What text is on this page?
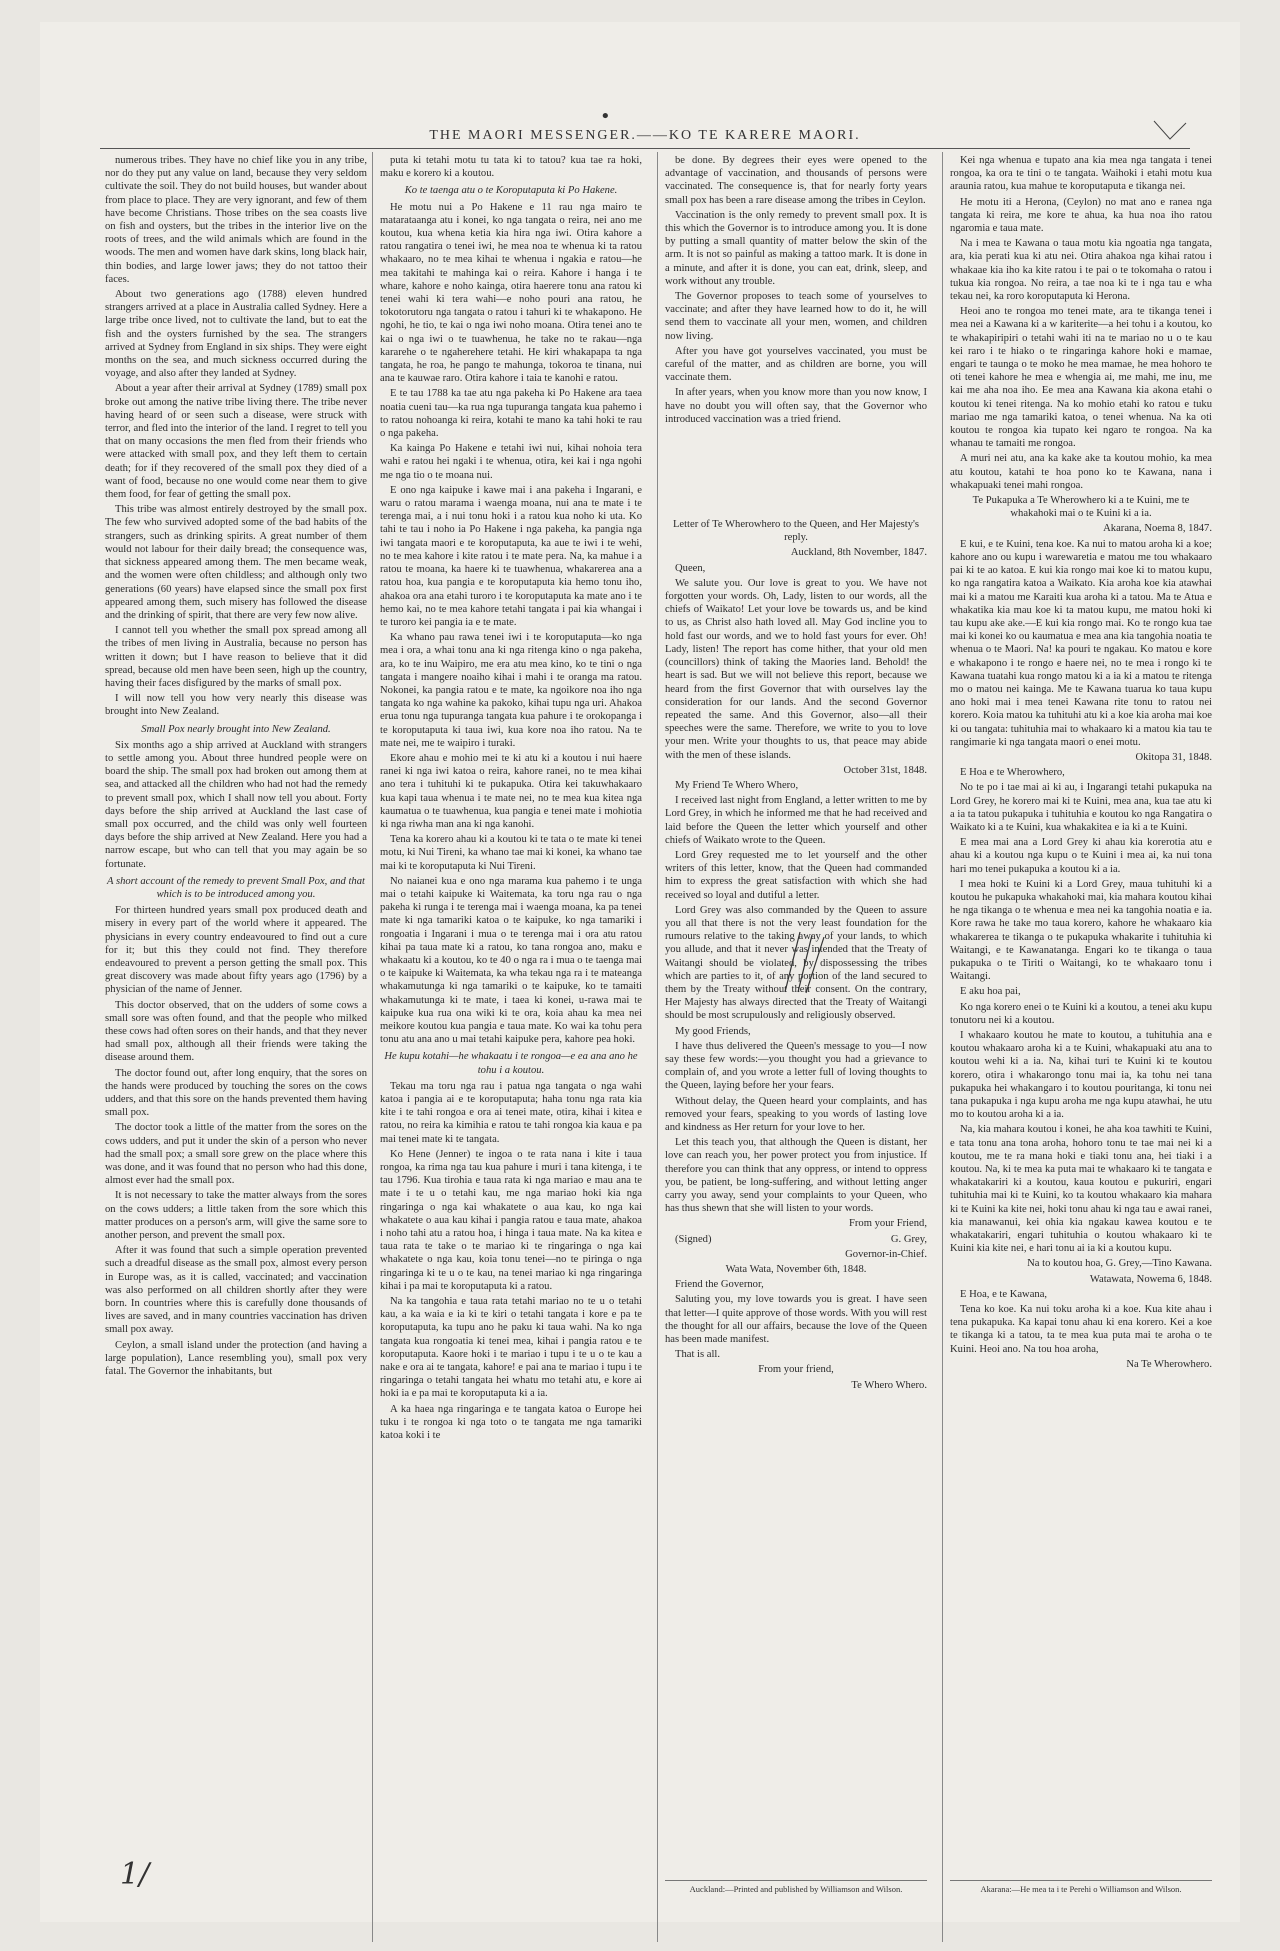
THE MAORI MESSENGER.——KO TE KARERE MAORI.

numerous tribes. They have no chief like you in any tribe, nor do they put any value on land, because they very seldom cultivate the soil. They do not build houses, but wander about from place to place. They are very ignorant, and few of them have become Christians. Those tribes on the sea coasts live on fish and oysters, but the tribes in the interior live on the roots of trees, and the wild animals which are found in the woods. The men and women have dark skins, long black hair, thin bodies, and large lower jaws; they do not tattoo their faces.

About two generations ago (1788) eleven hundred strangers arrived at a place in Australia called Sydney. Here a large tribe once lived, not to cultivate the land, but to eat the fish and the oysters furnished by the sea. The strangers arrived at Sydney from England in six ships. They were eight months on the sea, and much sickness occurred during the voyage, and also after they landed at Sydney.

About a year after their arrival at Sydney (1789) small pox broke out among the native tribe living there. The tribe never having heard of or seen such a disease, were struck with terror, and fled into the interior of the land. I regret to tell you that on many occasions the men fled from their friends who were attacked with small pox, and they left them to certain death; for if they recovered of the small pox they died of a want of food, because no one would come near them to give them food, for fear of getting the small pox.

This tribe was almost entirely destroyed by the small pox. The few who survived adopted some of the bad habits of the strangers, such as drinking spirits. A great number of them would not labour for their daily bread; the consequence was, that sickness appeared among them. The men became weak, and the women were often childless; and although only two generations (60 years) have elapsed since the small pox first appeared among them, such misery has followed the disease and the drinking of spirit, that there are very few now alive.

I cannot tell you whether the small pox spread among all the tribes of men living in Australia, because no person has written it down; but I have reason to believe that it did spread, because old men have been seen, high up the country, having their faces disfigured by the marks of small pox.

I will now tell you how very nearly this disease was brought into New Zealand.

Small Pox nearly brought into New Zealand.

Six months ago a ship arrived at Auckland with strangers to settle among you. About three hundred people were on board the ship. The small pox had broken out among them at sea, and attacked all the children who had not had the remedy to prevent small pox, which I shall now tell you about. Forty days before the ship arrived at Auckland the last case of small pox occurred, and the child was only well fourteen days before the ship arrived at New Zealand. Here you had a narrow escape, but who can tell that you may again be so fortunate.

A short account of the remedy to prevent Small Pox, and that which is to be introduced among you.

For thirteen hundred years small pox produced death and misery in every part of the world where it appeared. The physicians in every country endeavoured to find out a cure for it; but this they could not find. They therefore endeavoured to prevent a person getting the small pox. This great discovery was made about fifty years ago (1796) by a physician of the name of Jenner.

This doctor observed, that on the udders of some cows a small sore was often found, and that the people who milked these cows had often sores on their hands, and that they never had small pox, although all their friends were taking the disease around them.

The doctor found out, after long enquiry, that the sores on the hands were produced by touching the sores on the cows udders, and that this sore on the hands prevented them having small pox.

The doctor took a little of the matter from the sores on the cows udders, and put it under the skin of a person who never had the small pox; a small sore grew on the place where this was done, and it was found that no person who had this done, almost ever had the small pox.

It is not necessary to take the matter always from the sores on the cows udders; a little taken from the sore which this matter produces on a person's arm, will give the same sore to another person, and prevent the small pox.

After it was found that such a simple operation prevented such a dreadful disease as the small pox, almost every person in Europe was, as it is called, vaccinated; and vaccination was also performed on all children shortly after they were born. In countries where this is carefully done thousands of lives are saved, and in many countries vaccination has driven small pox away.

Ceylon, a small island under the protection (and having a large population), Lance resembling you), small pox very fatal. The Governor the inhabitants, but

puta ki tetahi motu tu tata ki to tatou? kua tae ra hoki, maku e korero ki a koutou.

Ko te taenga atu o te Koroputaputa ki Po Hakene.

He motu nui a Po Hakene e 11 rau nga mairo te matarataanga atu i konei, ko nga tangata o reira, nei ano me koutou, kua whena ketia kia hira nga iwi. Otira kahore a ratou rangatira o tenei iwi, he mea noa te whenua ki ta ratou whakaaro, no te mea kihai te whenua i ngakia e ratou—he mea takitahi te mahinga kai o reira. Kahore i hanga i te whare, kahore e noho kainga, otira haerere tonu ana ratou ki tenei wahi ki tera wahi—e noho pouri ana ratou, he tokotorutoru nga tangata o ratou i tahuri ki te whakapono. He ngohi, he tio, te kai o nga iwi noho moana. Otira tenei ano te kai o nga iwi o te tuawhenua, he take no te rakau—nga kararehe o te ngaherehere tetahi. He kiri whakapapa ta nga tangata, he roa, he pango te mahunga, tokoroa te tinana, nui ana te kauwae raro. Otira kahore i taia te kanohi e ratou.

E te tau 1788 ka tae atu nga pakeha ki Po Hakene ara taea noatia cueni tau—ka rua nga tupuranga tangata kua pahemo i to ratou nohoanga ki reira, kotahi te mano ka tahi hoki te rau o nga pakeha.

Ka kainga Po Hakene e tetahi iwi nui, kihai nohoia tera wahi e ratou hei ngaki i te whenua, otira, kei kai i nga ngohi me nga tio o te moana nui.

E ono nga kaipuke i kawe mai i ana pakeha i Ingarani, e waru o ratou marama i waenga moana, nui ana te mate i te terenga mai, a i nui tonu hoki i a ratou kua noho ki uta. Ko tahi te tau i noho ia Po Hakene i nga pakeha, ka pangia nga iwi tangata maori e te koroputaputa, ka aue te iwi i te wehi, no te mea kahore i kite ratou i te mate pera. Na, ka mahue i a ratou te moana, ka haere ki te tuawhenua, whakarerea ana a ratou hoa, kua pangia e te koroputaputa kia hemo tonu iho, ahakoa ora ana etahi turoro i te koroputaputa ka mate ano i te hemo kai, no te mea kahore tetahi tangata i pai kia whangai i te turoro kei pangia ia e te mate.

Ka whano pau rawa tenei iwi i te koroputaputa—ko nga mea i ora, a whai tonu ana ki nga ritenga kino o nga pakeha, ara, ko te inu Waipiro, me era atu mea kino, ko te tini o nga tangata i mangere noaiho kihai i mahi i te oranga ma ratou. Nokonei, ka pangia ratou e te mate, ka ngoikore noa iho nga tangata ko nga wahine ka pakoko, kihai tupu nga uri. Ahakoa erua tonu nga tupuranga tangata kua pahure i te orokopanga i te koroputaputa ki taua iwi, kua kore noa iho ratou. Na te mate nei, me te waipiro i turaki.

Ekore ahau e mohio mei te ki atu ki a koutou i nui haere ranei ki nga iwi katoa o reira, kahore ranei, no te mea kihai ano tera i tuhituhi ki te pukapuka. Otira kei takuwhakaaro kua kapi taua whenua i te mate nei, no te mea kua kitea nga kaumatua o te tuawhenua, kua pangia e tenei mate i mohiotia ki nga riwha man ana ki nga kanohi.

Tena ka korero ahau ki a koutou ki te tata o te mate ki tenei motu, ki Nui Tireni, ka whano tae mai ki konei, ka whano tae mai ki te koroputaputa ki Nui Tireni.

No naianei kua e ono nga marama kua pahemo i te unga mai o tetahi kaipuke ki Waitemata, ka toru nga rau o nga pakeha ki runga i te terenga mai i waenga moana, ka pa tenei mate ki nga tamariki katoa o te kaipuke, ko nga tamariki i rongoatia i Ingarani i mua o te terenga mai i ora atu ratou kihai pa taua mate ki a ratou, ko tana rongoa ano, maku e whakaatu ki a koutou, ko te 40 o nga ra i mua o te taenga mai o te kaipuke ki Waitemata, ka wha tekau nga ra i te mateanga whakamutunga ki nga tamariki o te kaipuke, ko te tamaiti whakamutunga ki te mate, i taea ki konei, u-rawa mai te kaipuke kua rua ona wiki ki te ora, koia ahau ka mea nei meikore koutou kua pangia e taua mate. Ko wai ka tohu pera tonu atu ana ano u mai tetahi kaipuke pera, kahore pea hoki.

He kupu kotahi—he whakaatu i te rongoa—e ea ana ano he tohu i a koutou.

Tekau ma toru nga rau i patua nga tangata o nga wahi katoa i pangia ai e te koroputaputa; haha tonu nga rata kia kite i te tahi rongoa e ora ai tenei mate, otira, kihai i kitea e ratou, no reira ka kimihia e ratou te tahi rongoa kia kaua e pa mai tenei mate ki te tangata.

Ko Hene (Jenner) te ingoa o te rata nana i kite i taua rongoa, ka rima nga tau kua pahure i muri i tana kitenga, i te tau 1796. Kua tirohia e taua rata ki nga mariao e mau ana te mate i te u o tetahi kau, me nga mariao hoki kia nga ringaringa o nga kai whakatete o aua kau, ko nga kai whakatete o aua kau kihai i pangia ratou e taua mate, ahakoa i noho tahi atu a ratou hoa, i hinga i taua mate. Na ka kitea e taua rata te take o te mariao ki te ringaringa o nga kai whakatete o nga kau, koia tonu tenei—no te piringa o nga ringaringa ki te u o te kau, na tenei mariao ki nga ringaringa kihai i pa mai te koroputaputa ki a ratou.

Na ka tangohia e taua rata tetahi mariao no te u o tetahi kau, a ka waia e ia ki te kiri o tetahi tangata i kore e pa te koroputaputa, ka tupu ano he paku ki taua wahi. Na ko nga tangata kua rongoatia ki tenei mea, kihai i pangia ratou e te koroputaputa. Kaore hoki i te mariao i tupu i te u o te kau a nake e ora ai te tangata, kahore! e pai ana te mariao i tupu i te ringaringa o tetahi tangata hei whatu mo tetahi atu, e kore ai hoki ia e pa mai te koroputaputa ki a ia.

A ka haea nga ringaringa e te tangata katoa o Europe hei tuku i te rongoa ki nga toto o te tangata me nga tamariki katoa koki i te

be done. By degrees their eyes were opened to the advantage of vaccination, and thousands of persons were vaccinated. The consequence is, that for nearly forty years small pox has been a rare disease among the tribes in Ceylon.

Vaccination is the only remedy to prevent small pox. It is this which the Governor is to introduce among you. It is done by putting a small quantity of matter below the skin of the arm. It is not so painful as making a tattoo mark. It is done in a minute, and after it is done, you can eat, drink, sleep, and work without any trouble.

The Governor proposes to teach some of yourselves to vaccinate; and after they have learned how to do it, he will send them to vaccinate all your men, women, and children now living.

After you have got yourselves vaccinated, you must be careful of the matter, and as children are borne, you will vaccinate them.

In after years, when you know more than you now know, I have no doubt you will often say, that the Governor who introduced vaccination was a tried friend.

Letter of Te Wherowhero to the Queen, and Her Majesty's reply.

Auckland, 8th November, 1847.

Queen,

We salute you. Our love is great to you. We have not forgotten your words. Oh, Lady, listen to our words, all the chiefs of Waikato! Let your love be towards us, and be kind to us, as Christ also hath loved all. May God incline you to hold fast our words, and we to hold fast yours for ever. Oh! Lady, listen! The report has come hither, that your old men (councillors) think of taking the Maories land. Behold! the heart is sad. But we will not believe this report, because we heard from the first Governor that with ourselves lay the consideration for our lands. And the second Governor repeated the same. And this Governor, also—all their speeches were the same. Therefore, we write to you to love your men. Write your thoughts to us, that peace may abide with the men of these islands.

October 31st, 1848.

My Friend Te Whero Whero,

I received last night from England, a letter written to me by Lord Grey, in which he informed me that he had received and laid before the Queen the letter which yourself and other chiefs of Waikato wrote to the Queen.

Lord Grey requested me to let yourself and the other writers of this letter, know, that the Queen had commanded him to express the great satisfaction with which she had received so loyal and dutiful a letter.

Lord Grey was also commanded by the Queen to assure you all that there is not the very least foundation for the rumours relative to the taking away of your lands, to which you allude, and that it never was intended that the Treaty of Waitangi should be violated, by dispossessing the tribes which are parties to it, of any portion of the land secured to them by the Treaty without their consent. On the contrary, Her Majesty has always directed that the Treaty of Waitangi should be most scrupulously and religiously observed.

My good Friends,

I have thus delivered the Queen's message to you—I now say these few words:—you thought you had a grievance to complain of, and you wrote a letter full of loving thoughts to the Queen, laying before her your fears.

Without delay, the Queen heard your complaints, and has removed your fears, speaking to you words of lasting love and kindness as Her return for your love to her.

Let this teach you, that although the Queen is distant, her love can reach you, her power protect you from injustice. If therefore you can think that any oppress, or intend to oppress you, be patient, be long-suffering, and without letting anger carry you away, send your complaints to your Queen, who has thus shewn that she will listen to your words.

From your Friend,

(Signed)	G. Grey,

Governor-in-Chief.

Wata Wata, November 6th, 1848.

Friend the Governor,

Saluting you, my love towards you is great. I have seen that letter—I quite approve of those words. With you will rest the thought for all our affairs, because the love of the Queen has been made manifest.

That is all.

From your friend,

Te Whero Whero.

Kei nga whenua e tupato ana kia mea nga tangata i tenei rongoa, ka ora te tini o te tangata. Waihoki i etahi motu kua araunia ratou, kua mahue te koroputaputa e tikanga nei.

He motu iti a Herona, (Ceylon) no mat ano e ranea nga tangata ki reira, me kore te ahua, ka hua noa iho ratou ngaromia e taua mate.

Na i mea te Kawana o taua motu kia ngoatia nga tangata, ara, kia perati kua ki atu nei. Otira ahakoa nga kihai ratou i whakaae kia iho ka kite ratou i te pai o te tokomaha o ratou i tukua kia rongoa. No reira, a tae noa ki te i nga tau e wha tekau nei, ka roro koroputaputa ki Herona.

Heoi ano te rongoa mo tenei mate, ara te tikanga tenei i mea nei a Kawana ki a w kariterite—a hei tohu i a koutou, ko te whakapiripiri o tetahi wahi iti na te mariao no u o te kau kei raro i te hiako o te ringaringa kahore hoki e mamae, engari te taunga o te moko he mea mamae, he mea hohoro te oti tenei kahore he mea e whengia ai, me mahi, me inu, me kai me aha noa iho. Ee mea ana Kawana kia akona etahi o koutou ki tenei ritenga. Na ko mohio etahi ko ratou e tuku mariao me nga tamariki katoa, o tenei whenua. Na ka oti koutou te rongoa kia tupato kei ngaro te rongoa. Na ka whanau te tamaiti me rongoa.

A muri nei atu, ana ka kake ake ta koutou mohio, ka mea atu koutou, katahi te hoa pono ko te Kawana, nana i whakapuaki tenei mahi rongoa.

Te Pukapuka a Te Wherowhero ki a te Kuini, me te whakahoki mai o te Kuini ki a ia.

Akarana, Noema 8, 1847.

E kui, e te Kuini, tena koe. Ka nui to matou aroha ki a koe; kahore ano ou kupu i warewaretia e matou me tou whakaaro pai ki te ao katoa. E kui kia rongo mai koe ki to matou kupu, ko nga rangatira katoa a Waikato. Kia aroha koe kia atawhai mai ki a matou me Karaiti kua aroha ki a tatou. Ma te Atua e whakatika kia mau koe ki ta matou kupu, me matou hoki ki tau kupu ake ake.—E kui kia rongo mai. Ko te rongo kua tae mai ki konei ko ou kaumatua e mea ana kia tangohia noatia te whenua o te Maori. Na! ka pouri te ngakau. Ko matou e kore e whakapono i te rongo e haere nei, no te mea i rongo ki te Kawana tuatahi kua rongo matou ki a ia ki a matou te ritenga mo o matou nei kainga. Me te Kawana tuarua ko taua kupu ano hoki mai i mea tenei Kawana rite tonu to ratou nei korero. Koia matou ka tuhituhi atu ki a koe kia aroha mai koe ki ou tangata: tuhituhia mai to whakaaro ki a matou kia tau te rangimarie ki nga tangata maori o enei motu.

Okitopa 31, 1848.

E Hoa e te Wherowhero,

No te po i tae mai ai ki au, i Ingarangi tetahi pukapuka na Lord Grey, he korero mai ki te Kuini, mea ana, kua tae atu ki a ia ta tatou pukapuka i tuhituhia e koutou ko nga Rangatira o Waikato ki a te Kuini, kua whakakitea e ia ki a te Kuini.

E mea mai ana a Lord Grey ki ahau kia korerotia atu e ahau ki a koutou nga kupu o te Kuini i mea ai, ka nui tona hari mo tenei pukapuka a koutou ki a ia.

I mea hoki te Kuini ki a Lord Grey, maua tuhituhi ki a koutou he pukapuka whakahoki mai, kia mahara koutou kihai he nga tikanga o te whenua e mea nei ka tangohia noatia e ia. Kore rawa he take mo taua korero, kahore he whakaaro kia whakarerea te tikanga o te pukapuka whakarite i tuhituhia ki Waitangi, e te Kawanatanga. Engari ko te tikanga o taua pukapuka o te Tiriti o Waitangi, ko te whakaaro tonu i Waitangi.

E aku hoa pai,

Ko nga korero enei o te Kuini ki a koutou, a tenei aku kupu tonutoru nei ki a koutou.

I whakaaro koutou he mate to koutou, a tuhituhia ana e koutou whakaaro aroha ki a te Kuini, whakapuaki atu ana to koutou wehi ki a ia. Na, kihai turi te Kuini ki te koutou korero, otira i whakarongo tonu mai ia, ka tohu nei tana pukapuka hei whakangaro i to koutou pouritanga, ki tonu nei tana pukapuka i nga kupu aroha me nga kupu atawhai, he utu mo to koutou aroha ki a ia.

Na, kia mahara koutou i konei, he aha koa tawhiti te Kuini, e tata tonu ana tona aroha, hohoro tonu te tae mai nei ki a koutou, me te ra mana hoki e tiaki tonu ana, hei tiaki i a koutou. Na, ki te mea ka puta mai te whakaaro ki te tangata e whakatakariri ki a koutou, kaua koutou e pukuriri, engari tuhituhia mai ki te Kuini, ko ta koutou whakaaro kia mahara ki te Kuini ka kite nei, hoki tonu ahau ki nga tau e awai ranei, kia manawanui, kei ohia kia ngakau kawea koutou e te whakatakariri, engari tuhituhia o koutou whakaaro ki te Kuini kia kite nei, e hari tonu ai ia ki a koutou kupu.

Na to koutou hoa, G. Grey,—Tino Kawana.

Watawata, Nowema 6, 1848.

E Hoa, e te Kawana,

Tena ko koe. Ka nui toku aroha ki a koe. Kua kite ahau i tena pukapuka. Ka kapai tonu ahau ki ena korero. Kei a koe te tikanga ki a tatou, ta te mea kua puta mai te aroha o te Kuini. Heoi ano. Na tou hoa aroha,

Na Te Wherowhero.

Auckland:—Printed and published by Williamson and Wilson.	Akarana:—He mea ta i te Perehi o Williamson and Wilson.
1/
•
